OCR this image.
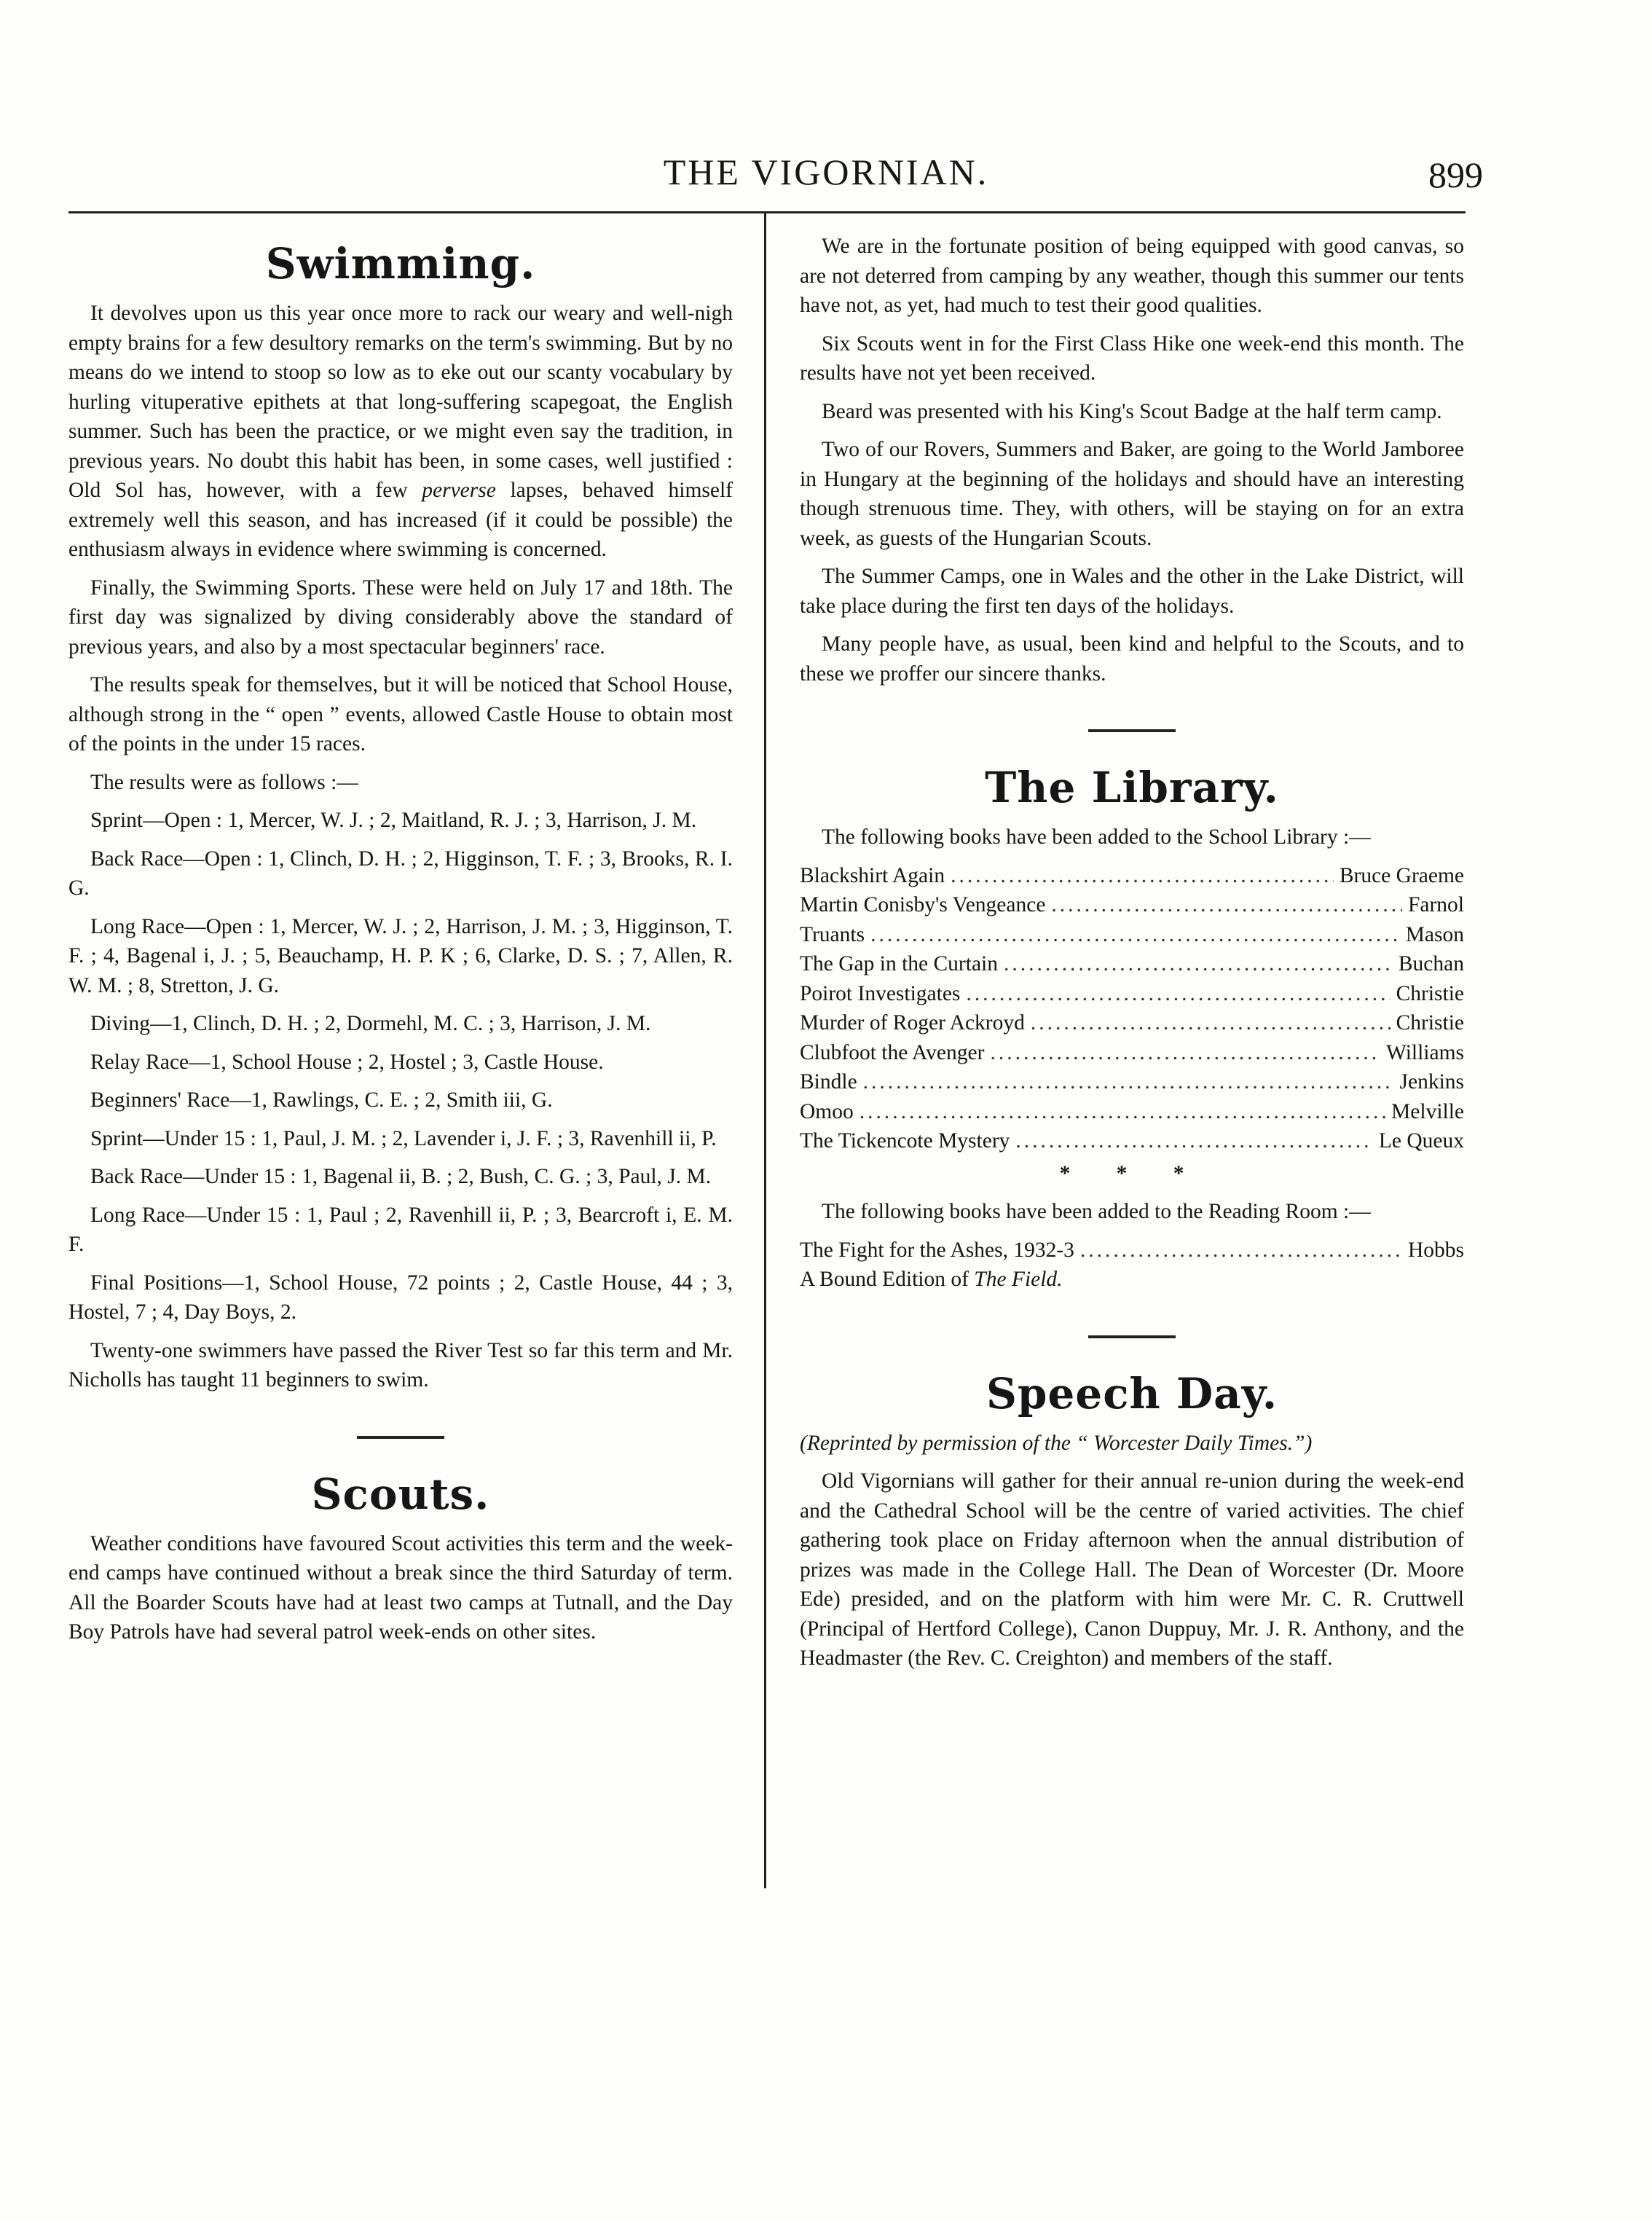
THE VIGORNIAN.	899
Swimming.

It devolves upon us this year once more to rack our weary and well-nigh empty brains for a few desultory remarks on the term's swimming. But by no means do we intend to stoop so low as to eke out our scanty vocabulary by hurling vituperative epithets at that long-suffering scapegoat, the English summer. Such has been the practice, or we might even say the tradition, in previous years. No doubt this habit has been, in some cases, well justified : Old Sol has, however, with a few perverse lapses, behaved himself extremely well this season, and has increased (if it could be possible) the enthusiasm always in evidence where swimming is concerned.

Finally, the Swimming Sports. These were held on July 17 and 18th. The first day was signalized by diving considerably above the standard of previous years, and also by a most spectacular beginners' race.

The results speak for themselves, but it will be noticed that School House, although strong in the “ open ” events, allowed Castle House to obtain most of the points in the under 15 races.

The results were as follows :—

Sprint—Open : 1, Mercer, W. J. ; 2, Maitland, R. J. ; 3, Harrison, J. M.

Back Race—Open : 1, Clinch, D. H. ; 2, Higginson, T. F. ; 3, Brooks, R. I. G.

Long Race—Open : 1, Mercer, W. J. ; 2, Harrison, J. M. ; 3, Higginson, T. F. ; 4, Bagenal i, J. ; 5, Beauchamp, H. P. K ; 6, Clarke, D. S. ; 7, Allen, R. W. M. ; 8, Stretton, J. G.

Diving—1, Clinch, D. H. ; 2, Dormehl, M. C. ; 3, Harrison, J. M.

Relay Race—1, School House ; 2, Hostel ; 3, Castle House.

Beginners' Race—1, Rawlings, C. E. ; 2, Smith iii, G.

Sprint—Under 15 : 1, Paul, J. M. ; 2, Lavender i, J. F. ; 3, Ravenhill ii, P.

Back Race—Under 15 : 1, Bagenal ii, B. ; 2, Bush, C. G. ; 3, Paul, J. M.

Long Race—Under 15 : 1, Paul ; 2, Ravenhill ii, P. ; 3, Bearcroft i, E. M. F.

Final Positions—1, School House, 72 points ; 2, Castle House, 44 ; 3, Hostel, 7 ; 4, Day Boys, 2.

Twenty-one swimmers have passed the River Test so far this term and Mr. Nicholls has taught 11 beginners to swim.

Scouts.

Weather conditions have favoured Scout activities this term and the week-end camps have continued without a break since the third Saturday of term. All the Boarder Scouts have had at least two camps at Tutnall, and the Day Boy Patrols have had several patrol week-ends on other sites.

We are in the fortunate position of being equipped with good canvas, so are not deterred from camping by any weather, though this summer our tents have not, as yet, had much to test their good qualities.

Six Scouts went in for the First Class Hike one week-end this month. The results have not yet been received.

Beard was presented with his King's Scout Badge at the half term camp.

Two of our Rovers, Summers and Baker, are going to the World Jamboree in Hungary at the beginning of the holidays and should have an interesting though strenuous time. They, with others, will be staying on for an extra week, as guests of the Hungarian Scouts.

The Summer Camps, one in Wales and the other in the Lake District, will take place during the first ten days of the holidays.

Many people have, as usual, been kind and helpful to the Scouts, and to these we proffer our sincere thanks.

The Library.

The following books have been added to the School Library :—

Blackshirt Again .....	Bruce Graeme
Martin Conisby's Vengeance .....	Farnol
Truants .....	Mason
The Gap in the Curtain .....	Buchan
Poirot Investigates .....	Christie
Murder of Roger Ackroyd .....	Christie
Clubfoot the Avenger .....	Williams
Bindle .....	Jenkins
Omoo .....	Melville
The Tickencote Mystery .....	Le Queux
* * *

The following books have been added to the Reading Room :—

The Fight for the Ashes, 1932-3 .....	Hobbs

A Bound Edition of The Field.

Speech Day.

(Reprinted by permission of the “ Worcester Daily Times.”)

Old Vigornians will gather for their annual re-union during the week-end and the Cathedral School will be the centre of varied activities. The chief gathering took place on Friday afternoon when the annual distribution of prizes was made in the College Hall. The Dean of Worcester (Dr. Moore Ede) presided, and on the platform with him were Mr. C. R. Cruttwell (Principal of Hertford College), Canon Duppuy, Mr. J. R. Anthony, and the Headmaster (the Rev. C. Creighton) and members of the staff.
